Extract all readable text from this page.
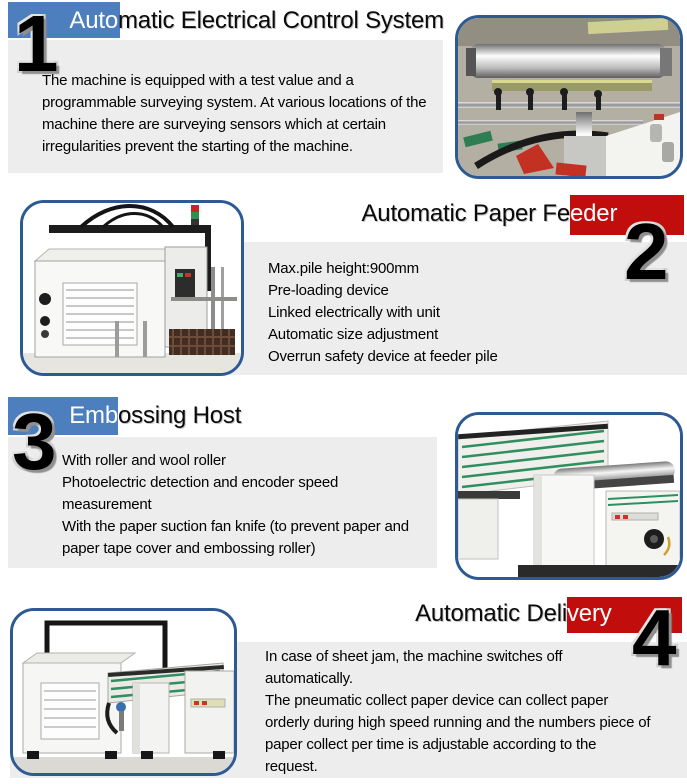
1 Auto matic Electrical Control System
The machine is equipped with a test value and a
programmable surveying system. At various locations of the
machine there are surveying sensors which at certain
irregularities prevent the starting of the machine.
2
Automatic Paper Fe eder
Max.pile height:900mm
Pre-loading device
Linked electrically with unit
Automatic size adjustment
Overrun safety device at feeder pile
3 Emb ossing Host
With roller and wool roller
Photoelectric detection and encoder speed
measurement
With the paper suction fan knife (to prevent paper and
paper tape cover and embossing roller)
4
Automatic Deli very
In case of sheet jam, the machine switches off
automatically.
The pneumatic collect paper device can collect paper
orderly during high speed running and the numbers piece of
paper collect per time is adjustable according to the
request.
